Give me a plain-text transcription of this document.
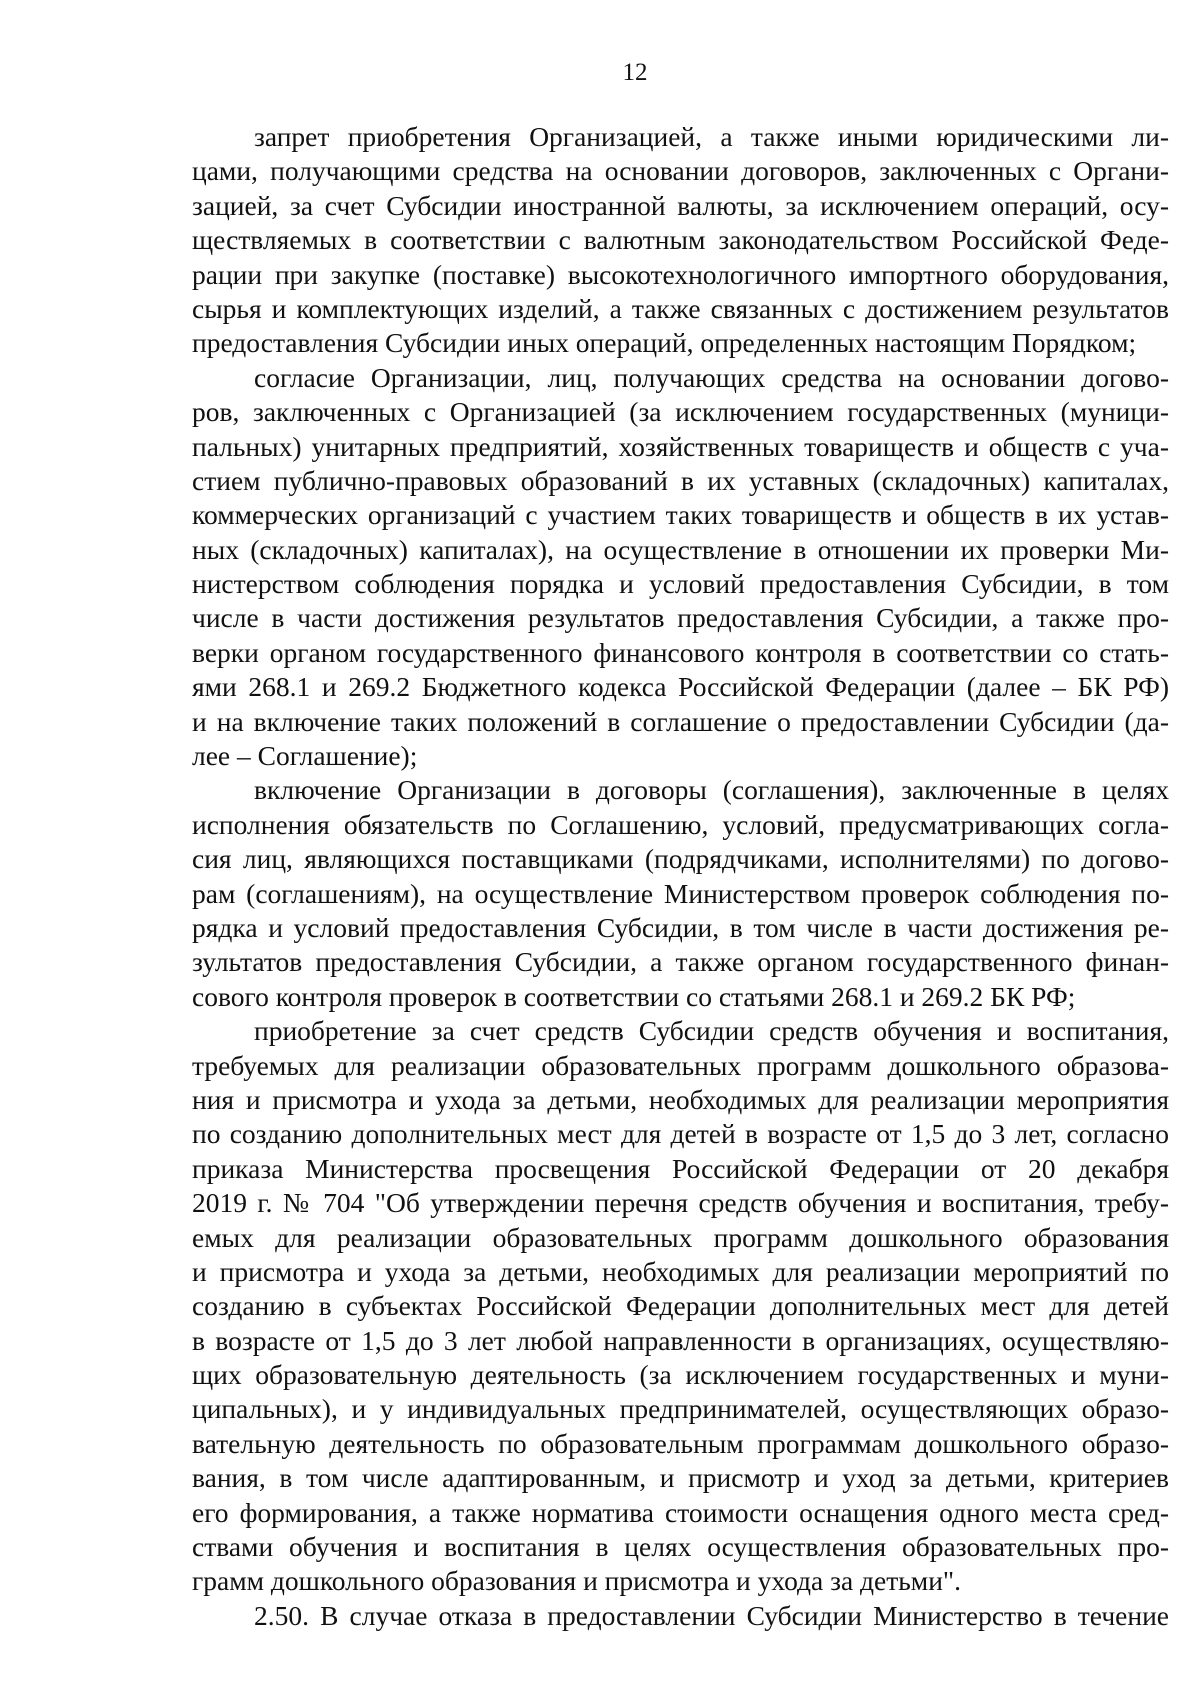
12
запрет приобретения Организацией, а также иными юридическими ли-
цами, получающими средства на основании договоров, заключенных с Органи-
зацией, за счет Субсидии иностранной валюты, за исключением операций, осу-
ществляемых в соответствии с валютным законодательством Российской Феде-
рации при закупке (поставке) высокотехнологичного импортного оборудования,
сырья и комплектующих изделий, а также связанных с достижением результатов
предоставления Субсидии иных операций, определенных настоящим Порядком;
согласие Организации, лиц, получающих средства на основании догово-
ров, заключенных с Организацией (за исключением государственных (муници-
пальных) унитарных предприятий, хозяйственных товариществ и обществ с уча-
стием публично-правовых образований в их уставных (складочных) капиталах,
коммерческих организаций с участием таких товариществ и обществ в их устав-
ных (складочных) капиталах), на осуществление в отношении их проверки Ми-
нистерством соблюдения порядка и условий предоставления Субсидии, в том
числе в части достижения результатов предоставления Субсидии, а также про-
верки органом государственного финансового контроля в соответствии со стать-
ями 268.1 и 269.2 Бюджетного кодекса Российской Федерации (далее – БК РФ)
и на включение таких положений в соглашение о предоставлении Субсидии (да-
лее – Соглашение);
включение Организации в договоры (соглашения), заключенные в целях
исполнения обязательств по Соглашению, условий, предусматривающих согла-
сия лиц, являющихся поставщиками (подрядчиками, исполнителями) по догово-
рам (соглашениям), на осуществление Министерством проверок соблюдения по-
рядка и условий предоставления Субсидии, в том числе в части достижения ре-
зультатов предоставления Субсидии, а также органом государственного финан-
сового контроля проверок в соответствии со статьями 268.1 и 269.2 БК РФ;
приобретение за счет средств Субсидии средств обучения и воспитания,
требуемых для реализации образовательных программ дошкольного образова-
ния и присмотра и ухода за детьми, необходимых для реализации мероприятия
по созданию дополнительных мест для детей в возрасте от 1,5 до 3 лет, согласно
приказа Министерства просвещения Российской Федерации от 20 декабря
2019 г. № 704 "Об утверждении перечня средств обучения и воспитания, требу-
емых для реализации образовательных программ дошкольного образования
и присмотра и ухода за детьми, необходимых для реализации мероприятий по
созданию в субъектах Российской Федерации дополнительных мест для детей
в возрасте от 1,5 до 3 лет любой направленности в организациях, осуществляю-
щих образовательную деятельность (за исключением государственных и муни-
ципальных), и у индивидуальных предпринимателей, осуществляющих образо-
вательную деятельность по образовательным программам дошкольного образо-
вания, в том числе адаптированным, и присмотр и уход за детьми, критериев
его формирования, а также норматива стоимости оснащения одного места сред-
ствами обучения и воспитания в целях осуществления образовательных про-
грамм дошкольного образования и присмотра и ухода за детьми".
2.50. В случае отказа в предоставлении Субсидии Министерство в течение
